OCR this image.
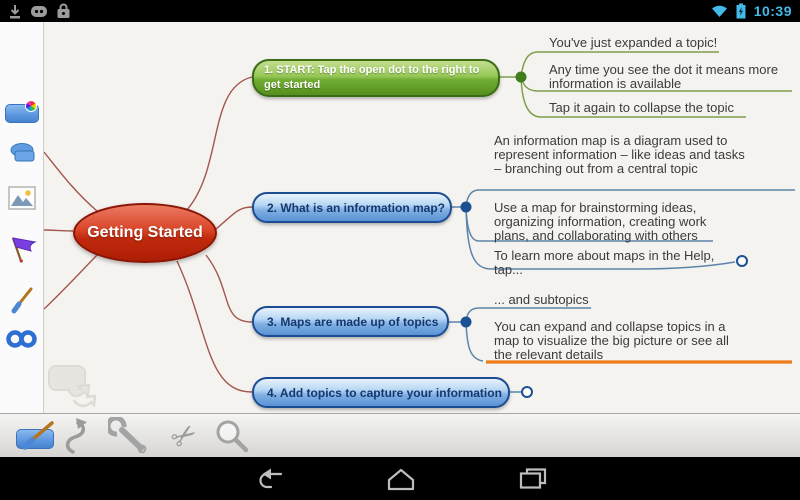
10:39
Getting Started
1. START: Tap the open dot to the right to get started
2. What is an information map?
3. Maps are made up of topics
4. Add topics to capture your information
You've just expanded a topic!
Any time you see the dot it means more information is available
Tap it again to collapse the topic
An information map is a diagram used to represent information – like ideas and tasks – branching out from a central topic
Use a map for brainstorming ideas, organizing information, creating work plans, and collaborating with others
To learn more about maps in the Help, tap...
... and subtopics
You can expand and collapse topics in a map to visualize the big picture or see all the relevant details
✂
